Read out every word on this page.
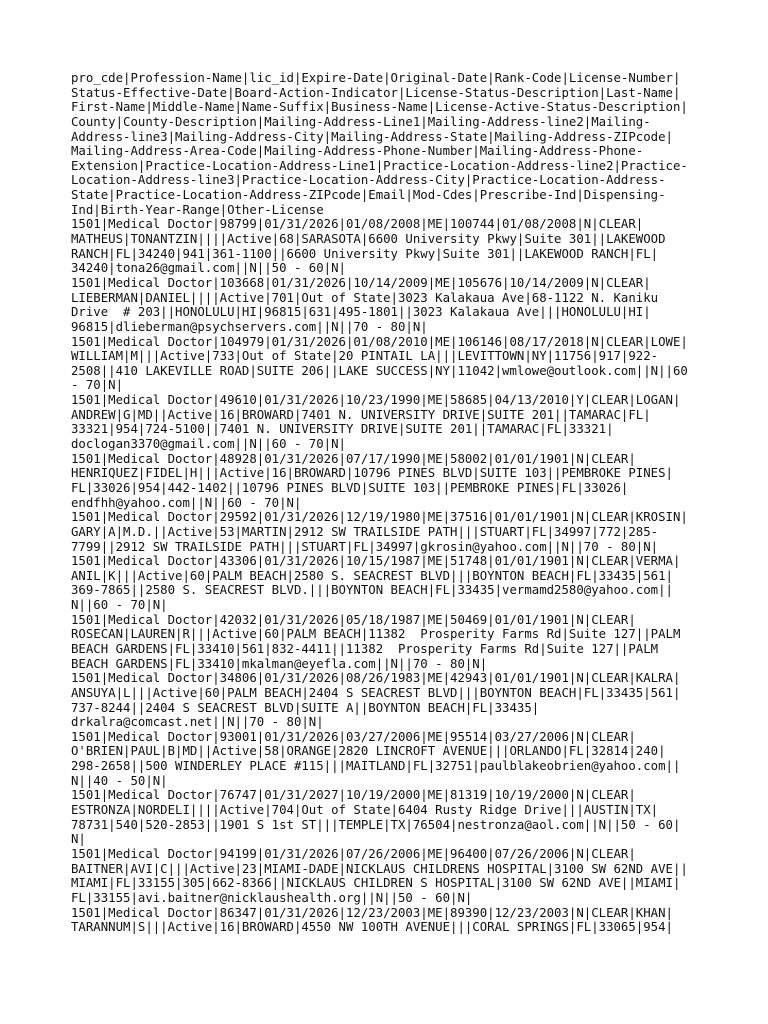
pro_cde|Profession-Name|lic_id|Expire-Date|Original-Date|Rank-Code|License-Number|
Status-Effective-Date|Board-Action-Indicator|License-Status-Description|Last-Name|
First-Name|Middle-Name|Name-Suffix|Business-Name|License-Active-Status-Description|
County|County-Description|Mailing-Address-Line1|Mailing-Address-line2|Mailing-
Address-line3|Mailing-Address-City|Mailing-Address-State|Mailing-Address-ZIPcode|
Mailing-Address-Area-Code|Mailing-Address-Phone-Number|Mailing-Address-Phone-
Extension|Practice-Location-Address-Line1|Practice-Location-Address-line2|Practice-
Location-Address-line3|Practice-Location-Address-City|Practice-Location-Address-
State|Practice-Location-Address-ZIPcode|Email|Mod-Cdes|Prescribe-Ind|Dispensing-
Ind|Birth-Year-Range|Other-License
1501|Medical Doctor|98799|01/31/2026|01/08/2008|ME|100744|01/08/2008|N|CLEAR|
MATHEUS|TONANTZIN||||Active|68|SARASOTA|6600 University Pkwy|Suite 301||LAKEWOOD
RANCH|FL|34240|941|361-1100||6600 University Pkwy|Suite 301||LAKEWOOD RANCH|FL|
34240|tona26@gmail.com||N||50 - 60|N|
1501|Medical Doctor|103668|01/31/2026|10/14/2009|ME|105676|10/14/2009|N|CLEAR|
LIEBERMAN|DANIEL||||Active|701|Out of State|3023 Kalakaua Ave|68-1122 N. Kaniku
Drive  # 203||HONOLULU|HI|96815|631|495-1801||3023 Kalakaua Ave|||HONOLULU|HI|
96815|dlieberman@psychservers.com||N||70 - 80|N|
1501|Medical Doctor|104979|01/31/2026|01/08/2010|ME|106146|08/17/2018|N|CLEAR|LOWE|
WILLIAM|M|||Active|733|Out of State|20 PINTAIL LA|||LEVITTOWN|NY|11756|917|922-
2508||410 LAKEVILLE ROAD|SUITE 206||LAKE SUCCESS|NY|11042|wmlowe@outlook.com||N||60
- 70|N|
1501|Medical Doctor|49610|01/31/2026|10/23/1990|ME|58685|04/13/2010|Y|CLEAR|LOGAN|
ANDREW|G|MD||Active|16|BROWARD|7401 N. UNIVERSITY DRIVE|SUITE 201||TAMARAC|FL|
33321|954|724-5100||7401 N. UNIVERSITY DRIVE|SUITE 201||TAMARAC|FL|33321|
doclogan3370@gmail.com||N||60 - 70|N|
1501|Medical Doctor|48928|01/31/2026|07/17/1990|ME|58002|01/01/1901|N|CLEAR|
HENRIQUEZ|FIDEL|H|||Active|16|BROWARD|10796 PINES BLVD|SUITE 103||PEMBROKE PINES|
FL|33026|954|442-1402||10796 PINES BLVD|SUITE 103||PEMBROKE PINES|FL|33026|
endfhh@yahoo.com||N||60 - 70|N|
1501|Medical Doctor|29592|01/31/2026|12/19/1980|ME|37516|01/01/1901|N|CLEAR|KROSIN|
GARY|A|M.D.||Active|53|MARTIN|2912 SW TRAILSIDE PATH|||STUART|FL|34997|772|285-
7799||2912 SW TRAILSIDE PATH|||STUART|FL|34997|gkrosin@yahoo.com||N||70 - 80|N|
1501|Medical Doctor|43306|01/31/2026|10/15/1987|ME|51748|01/01/1901|N|CLEAR|VERMA|
ANIL|K|||Active|60|PALM BEACH|2580 S. SEACREST BLVD|||BOYNTON BEACH|FL|33435|561|
369-7865||2580 S. SEACREST BLVD.|||BOYNTON BEACH|FL|33435|vermamd2580@yahoo.com||
N||60 - 70|N|
1501|Medical Doctor|42032|01/31/2026|05/18/1987|ME|50469|01/01/1901|N|CLEAR|
ROSECAN|LAUREN|R|||Active|60|PALM BEACH|11382  Prosperity Farms Rd|Suite 127||PALM
BEACH GARDENS|FL|33410|561|832-4411||11382  Prosperity Farms Rd|Suite 127||PALM
BEACH GARDENS|FL|33410|mkalman@eyefla.com||N||70 - 80|N|
1501|Medical Doctor|34806|01/31/2026|08/26/1983|ME|42943|01/01/1901|N|CLEAR|KALRA|
ANSUYA|L|||Active|60|PALM BEACH|2404 S SEACREST BLVD|||BOYNTON BEACH|FL|33435|561|
737-8244||2404 S SEACREST BLVD|SUITE A||BOYNTON BEACH|FL|33435|
drkalra@comcast.net||N||70 - 80|N|
1501|Medical Doctor|93001|01/31/2026|03/27/2006|ME|95514|03/27/2006|N|CLEAR|
O'BRIEN|PAUL|B|MD||Active|58|ORANGE|2820 LINCROFT AVENUE|||ORLANDO|FL|32814|240|
298-2658||500 WINDERLEY PLACE #115|||MAITLAND|FL|32751|paulblakeobrien@yahoo.com||
N||40 - 50|N|
1501|Medical Doctor|76747|01/31/2027|10/19/2000|ME|81319|10/19/2000|N|CLEAR|
ESTRONZA|NORDELI||||Active|704|Out of State|6404 Rusty Ridge Drive|||AUSTIN|TX|
78731|540|520-2853||1901 S 1st ST|||TEMPLE|TX|76504|nestronza@aol.com||N||50 - 60|
N|
1501|Medical Doctor|94199|01/31/2026|07/26/2006|ME|96400|07/26/2006|N|CLEAR|
BAITNER|AVI|C|||Active|23|MIAMI-DADE|NICKLAUS CHILDRENS HOSPITAL|3100 SW 62ND AVE||
MIAMI|FL|33155|305|662-8366||NICKLAUS CHILDREN S HOSPITAL|3100 SW 62ND AVE||MIAMI|
FL|33155|avi.baitner@nicklaushealth.org||N||50 - 60|N|
1501|Medical Doctor|86347|01/31/2026|12/23/2003|ME|89390|12/23/2003|N|CLEAR|KHAN|
TARANNUM|S|||Active|16|BROWARD|4550 NW 100TH AVENUE|||CORAL SPRINGS|FL|33065|954|
